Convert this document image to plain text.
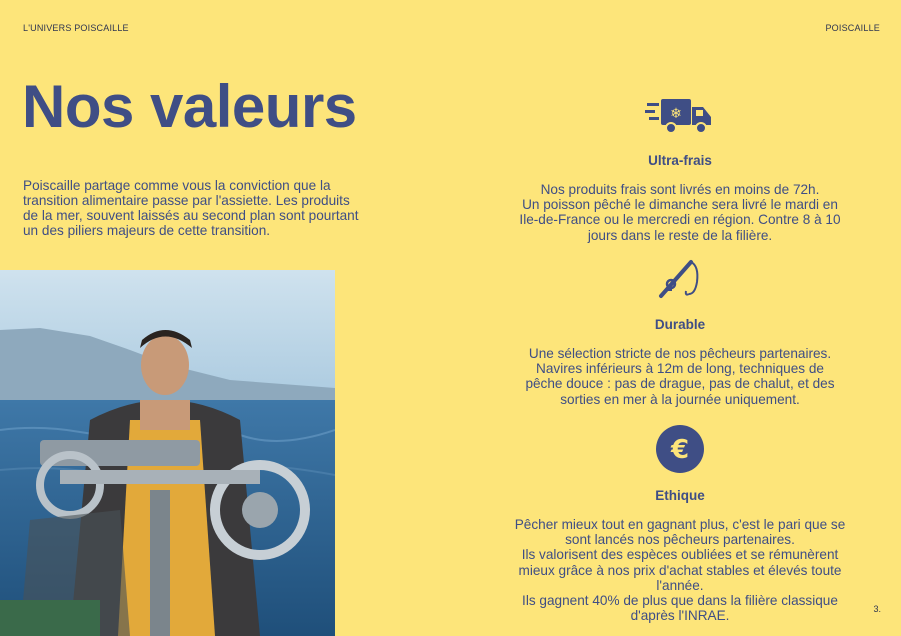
L'UNIVERS POISCAILLE	POISCAILLE
Nos valeurs
Poiscaille partage comme vous la conviction que la transition alimentaire passe par l'assiette. Les produits de la mer, souvent laissés au second plan sont pourtant un des piliers majeurs de cette transition.
❄

Ultra-frais

Nos produits frais sont livrés en moins de 72h.

Un poisson pêché le dimanche sera livré le mardi en

Ile-de-France ou le mercredi en région. Contre 8 à 10

jours dans le reste de la filière.

Durable

Une sélection stricte de nos pêcheurs partenaires.

Navires inférieurs à 12m de long, techniques de

pêche douce : pas de drague, pas de chalut, et des

sorties en mer à la journée uniquement.

€

Ethique

Pêcher mieux tout en gagnant plus, c'est le pari que se

sont lancés nos pêcheurs partenaires.

Ils valorisent des espèces oubliées et se rémunèrent

mieux grâce à nos prix d'achat stables et élevés toute

l'année.

Ils gagnent 40% de plus que dans la filière classique

d'après l'INRAE.	3.
